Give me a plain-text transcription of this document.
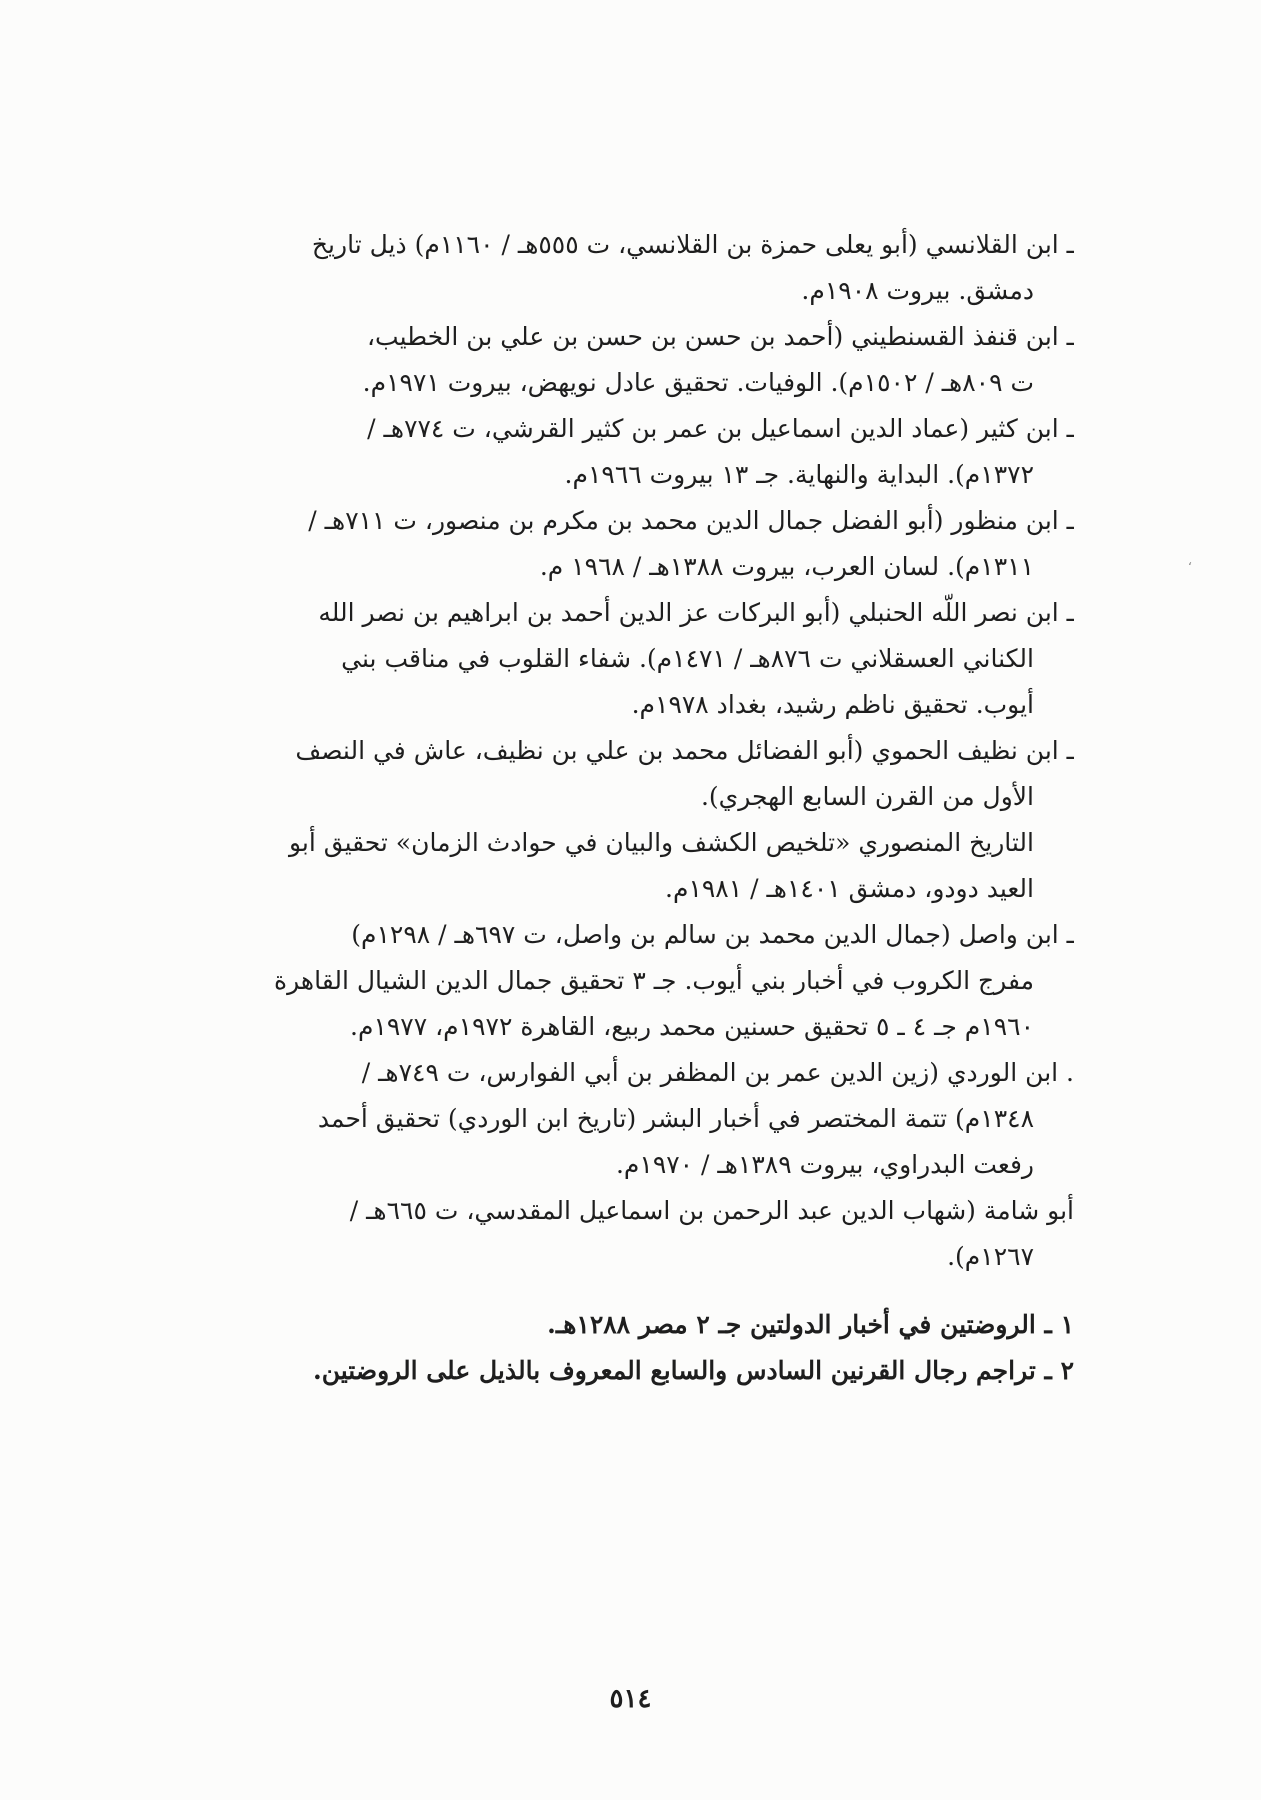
ـ ابن القلانسي (أبو يعلى حمزة بن القلانسي، ت ٥٥٥هـ / ١١٦٠م) ذيل تاريخ
دمشق. بيروت ١٩٠٨م.
ـ ابن قنفذ القسنطيني (أحمد بن حسن بن حسن بن علي بن الخطيب،
ت ٨٠٩هـ / ١٥٠٢م). الوفيات. تحقيق عادل نويهض، بيروت ١٩٧١م.
ـ ابن كثير (عماد الدين اسماعيل بن عمر بن كثير القرشي، ت ٧٧٤هـ /
١٣٧٢م). البداية والنهاية. جـ ١٣ بيروت ١٩٦٦م.
ـ ابن منظور (أبو الفضل جمال الدين محمد بن مكرم بن منصور، ت ٧١١هـ /
١٣١١م). لسان العرب، بيروت ١٣٨٨هـ / ١٩٦٨ م.
ـ ابن نصر اللّه الحنبلي (أبو البركات عز الدين أحمد بن ابراهيم بن نصر الله
الكناني العسقلاني ت ٨٧٦هـ / ١٤٧١م). شفاء القلوب في مناقب بني
أيوب. تحقيق ناظم رشيد، بغداد ١٩٧٨م.
ـ ابن نظيف الحموي (أبو الفضائل محمد بن علي بن نظيف، عاش في النصف
الأول من القرن السابع الهجري).
التاريخ المنصوري «تلخيص الكشف والبيان في حوادث الزمان» تحقيق أبو
العيد دودو، دمشق ١٤٠١هـ / ١٩٨١م.
ـ ابن واصل (جمال الدين محمد بن سالم بن واصل، ت ٦٩٧هـ / ١٢٩٨م)
مفرج الكروب في أخبار بني أيوب. جـ ٣ تحقيق جمال الدين الشيال القاهرة
١٩٦٠م جـ ٤ ـ ٥ تحقيق حسنين محمد ربيع، القاهرة ١٩٧٢م، ١٩٧٧م.
. ابن الوردي (زين الدين عمر بن المظفر بن أبي الفوارس، ت ٧٤٩هـ /
١٣٤٨م) تتمة المختصر في أخبار البشر (تاريخ ابن الوردي) تحقيق أحمد
رفعت البدراوي، بيروت ١٣٨٩هـ / ١٩٧٠م.
أبو شامة (شهاب الدين عبد الرحمن بن اسماعيل المقدسي، ت ٦٦٥هـ /
١٢٦٧م).
١ ـ الروضتين في أخبار الدولتين جـ ٢ مصر ١٢٨٨هـ.
٢ ـ تراجم رجال القرنين السادس والسابع المعروف بالذيل على الروضتين.
٥١٤
ʻ
